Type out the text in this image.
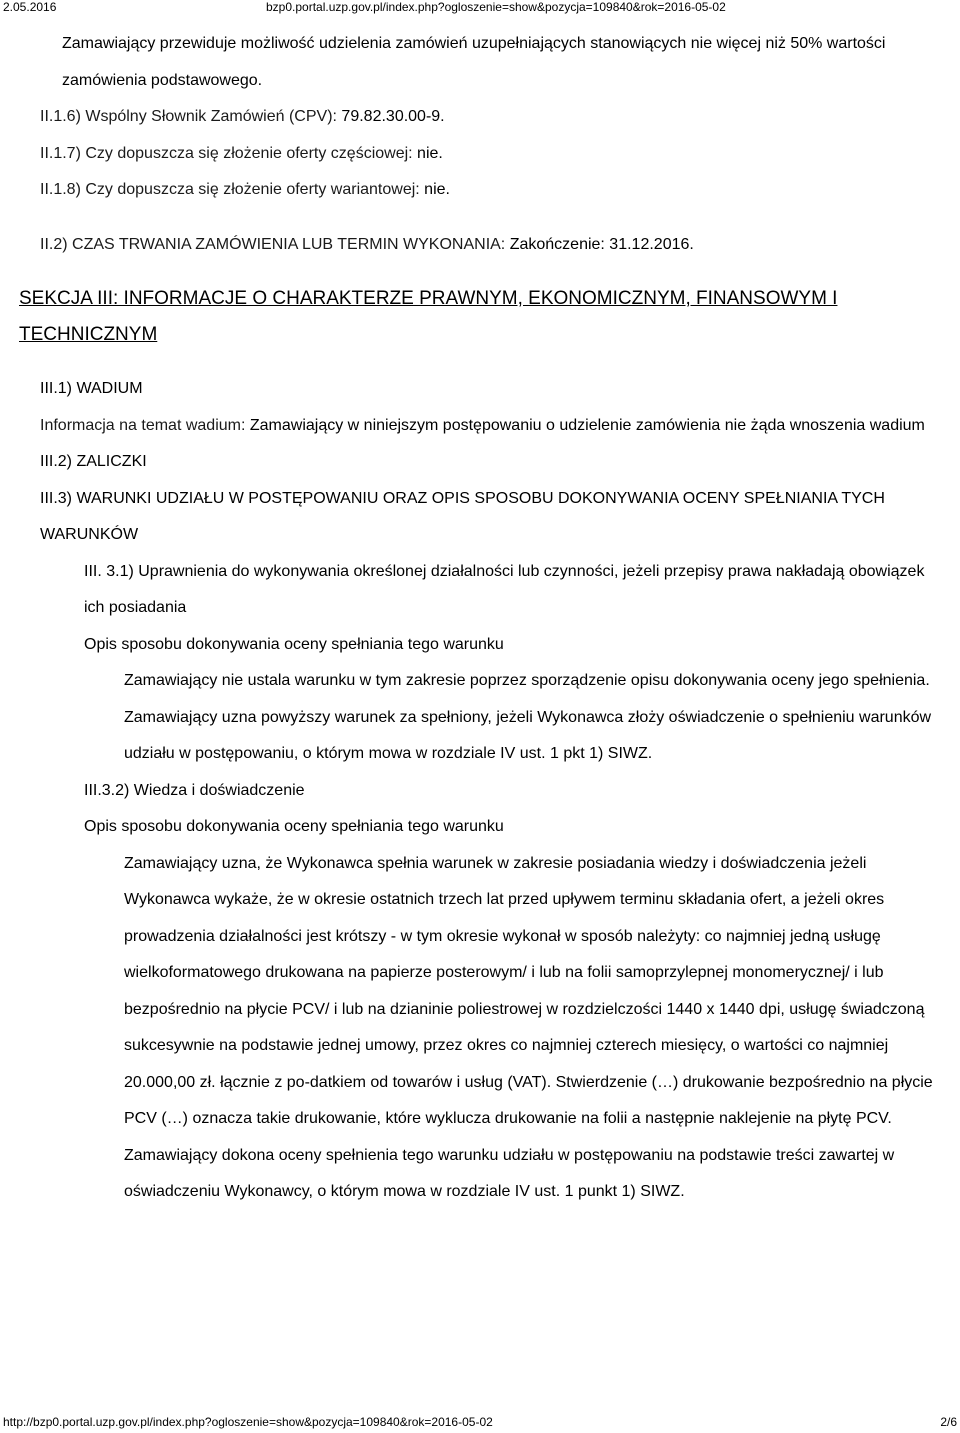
2.05.2016	bzp0.portal.uzp.gov.pl/index.php?ogloszenie=show&pozycja=109840&rok=2016-05-02

Zamawiający przewiduje możliwość udzielenia zamówień uzupełniających stanowiących nie więcej niż 50% wartości zamówienia podstawowego.

II.1.6) Wspólny Słownik Zamówień (CPV): 79.82.30.00-9.

II.1.7) Czy dopuszcza się złożenie oferty częściowej: nie.

II.1.8) Czy dopuszcza się złożenie oferty wariantowej: nie.

II.2) CZAS TRWANIA ZAMÓWIENIA LUB TERMIN WYKONANIA: Zakończenie: 31.12.2016.

SEKCJA III: INFORMACJE O CHARAKTERZE PRAWNYM, EKONOMICZNYM, FINANSOWYM I TECHNICZNYM

III.1) WADIUM

Informacja na temat wadium: Zamawiający w niniejszym postępowaniu o udzielenie zamówienia nie żąda wnoszenia wadium

III.2) ZALICZKI

III.3) WARUNKI UDZIAŁU W POSTĘPOWANIU ORAZ OPIS SPOSOBU DOKONYWANIA OCENY SPEŁNIANIA TYCH WARUNKÓW

III. 3.1) Uprawnienia do wykonywania określonej działalności lub czynności, jeżeli przepisy prawa nakładają obowiązek ich posiadania

Opis sposobu dokonywania oceny spełniania tego warunku

Zamawiający nie ustala warunku w tym zakresie poprzez sporządzenie opisu dokonywania oceny jego spełnienia. Zamawiający uzna powyższy warunek za spełniony, jeżeli Wykonawca złoży oświadczenie o spełnieniu warunków udziału w postępowaniu, o którym mowa w rozdziale IV ust. 1 pkt 1) SIWZ.

III.3.2) Wiedza i doświadczenie

Opis sposobu dokonywania oceny spełniania tego warunku

Zamawiający uzna, że Wykonawca spełnia warunek w zakresie posiadania wiedzy i doświadczenia jeżeli Wykonawca wykaże, że w okresie ostatnich trzech lat przed upływem terminu składania ofert, a jeżeli okres prowadzenia działalności jest krótszy - w tym okresie wykonał w sposób należyty: co najmniej jedną usługę wielkoformatowego drukowana na papierze posterowym/ i lub na folii samoprzylepnej monomerycznej/ i lub bezpośrednio na płycie PCV/ i lub na dzianinie poliestrowej w rozdzielczości 1440 x 1440 dpi, usługę świadczoną sukcesywnie na podstawie jednej umowy, przez okres co najmniej czterech miesięcy, o wartości co najmniej 20.000,00 zł. łącznie z po-datkiem od towarów i usług (VAT). Stwierdzenie (…) drukowanie bezpośrednio na płycie PCV (…) oznacza takie drukowanie, które wyklucza drukowanie na folii a następnie naklejenie na płytę PCV. Zamawiający dokona oceny spełnienia tego warunku udziału w postępowaniu na podstawie treści zawartej w oświadczeniu Wykonawcy, o którym mowa w rozdziale IV ust. 1 punkt 1) SIWZ.

http://bzp0.portal.uzp.gov.pl/index.php?ogloszenie=show&pozycja=109840&rok=2016-05-02	2/6
